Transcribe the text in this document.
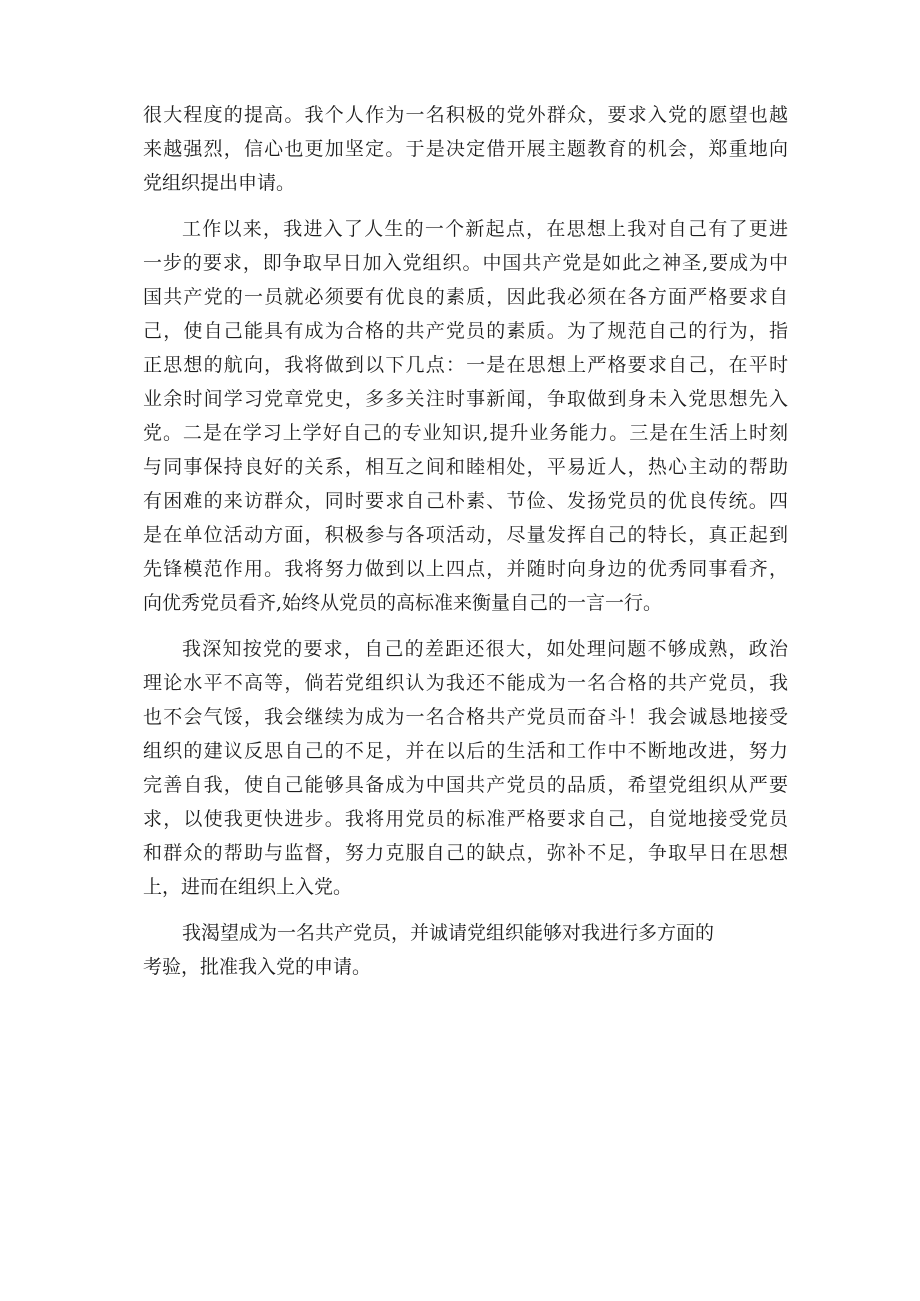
很大程度的提高。我个人作为一名积极的党外群众，要求入党的愿望也越
来越强烈，信心也更加坚定。于是决定借开展主题教育的机会，郑重地向
党组织提出申请。
工作以来，我进入了人生的一个新起点，在思想上我对自己有了更进
一步的要求，即争取早日加入党组织。中国共产党是如此之神圣,要成为中
国共产党的一员就必须要有优良的素质，因此我必须在各方面严格要求自
己，使自己能具有成为合格的共产党员的素质。为了规范自己的行为，指
正思想的航向，我将做到以下几点：一是在思想上严格要求自己，在平时
业余时间学习党章党史，多多关注时事新闻，争取做到身未入党思想先入
党。二是在学习上学好自己的专业知识,提升业务能力。三是在生活上时刻
与同事保持良好的关系，相互之间和睦相处，平易近人，热心主动的帮助
有困难的来访群众，同时要求自己朴素、节俭、发扬党员的优良传统。四
是在单位活动方面，积极参与各项活动，尽量发挥自己的特长，真正起到
先锋模范作用。我将努力做到以上四点，并随时向身边的优秀同事看齐，
向优秀党员看齐,始终从党员的高标准来衡量自己的一言一行。
我深知按党的要求，自己的差距还很大，如处理问题不够成熟，政治
理论水平不高等，倘若党组织认为我还不能成为一名合格的共产党员，我
也不会气馁，我会继续为成为一名合格共产党员而奋斗！我会诚恳地接受
组织的建议反思自己的不足，并在以后的生活和工作中不断地改进，努力
完善自我，使自己能够具备成为中国共产党员的品质，希望党组织从严要
求，以使我更快进步。我将用党员的标准严格要求自己，自觉地接受党员
和群众的帮助与监督，努力克服自己的缺点，弥补不足，争取早日在思想
上，进而在组织上入党。
我渴望成为一名共产党员，并诚请党组织能够对我进行多方面的
考验，批准我入党的申请。
